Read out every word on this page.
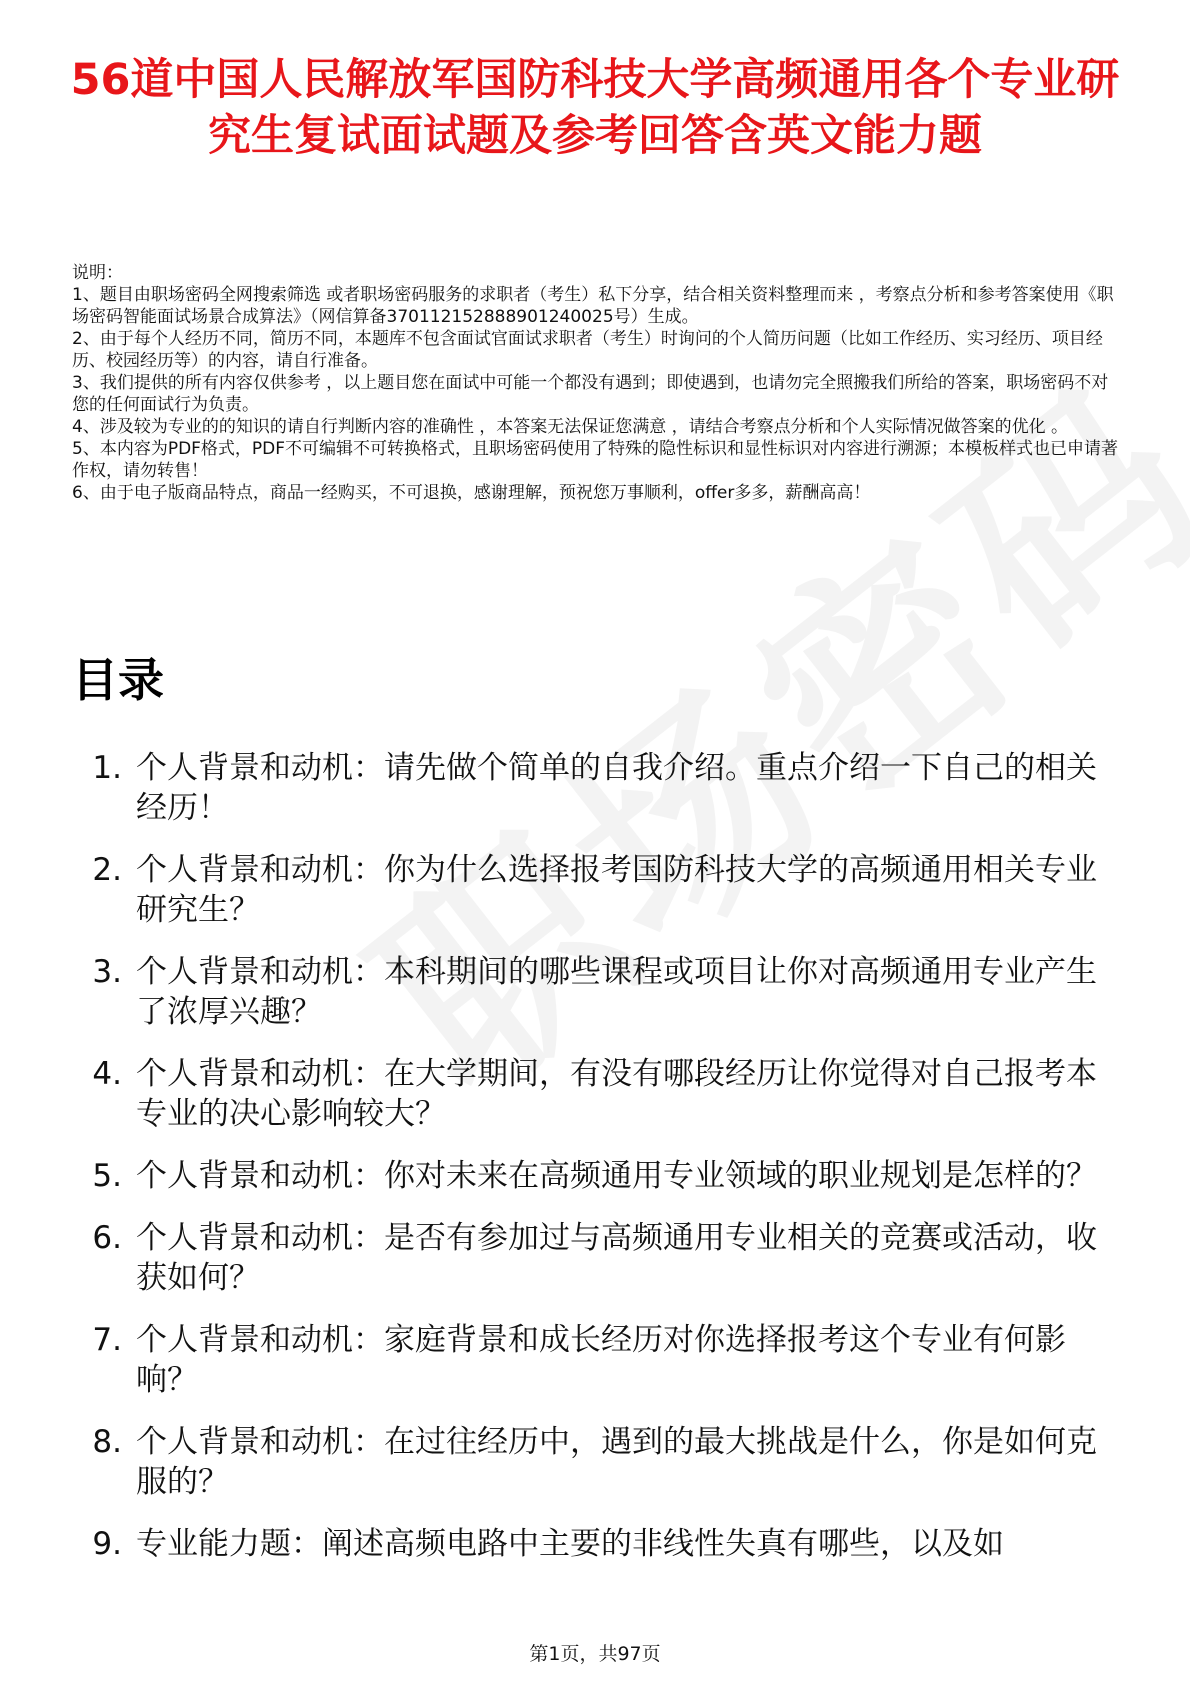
56道中国人民解放军国防科技大学高频通用各个专业研究生复试面试题及参考回答含英文能力题

说明：

1、题目由职场密码全网搜索筛选 或者职场密码服务的求职者（考生）私下分享，结合相关资料整理而来 ，考察点分析和参考答案使用《职场密码智能面试场景合成算法》（网信算备370112152888901240025号）生成。

2、由于每个人经历不同，简历不同，本题库不包含面试官面试求职者（考生）时询问的个人简历问题（比如工作经历、实习经历、项目经历、校园经历等）的内容，请自行准备。

3、我们提供的所有内容仅供参考 ，以上题目您在面试中可能一个都没有遇到；即使遇到，也请勿完全照搬我们所给的答案，职场密码不对您的任何面试行为负责。

4、涉及较为专业的的知识的请自行判断内容的准确性 ，本答案无法保证您满意 ，请结合考察点分析和个人实际情况做答案的优化 。

5、本内容为PDF格式，PDF不可编辑不可转换格式，且职场密码使用了特殊的隐性标识和显性标识对内容进行溯源；本模板样式也已申请著作权，请勿转售！

6、由于电子版商品特点，商品一经购买，不可退换，感谢理解，预祝您万事顺利，offer多多，薪酬高高！

目录
1. 个人背景和动机：请先做个简单的自我介绍。重点介绍一下自己的相关经历！
2. 个人背景和动机：你为什么选择报考国防科技大学的高频通用相关专业研究生？
3. 个人背景和动机：本科期间的哪些课程或项目让你对高频通用专业产生了浓厚兴趣？
4. 个人背景和动机：在大学期间，有没有哪段经历让你觉得对自己报考本专业的决心影响较大？
5. 个人背景和动机：你对未来在高频通用专业领域的职业规划是怎样的？
6. 个人背景和动机：是否有参加过与高频通用专业相关的竞赛或活动，收获如何？
7. 个人背景和动机：家庭背景和成长经历对你选择报考这个专业有何影响？
8. 个人背景和动机：在过往经历中，遇到的最大挑战是什么，你是如何克服的？
9. 专业能力题：阐述高频电路中主要的非线性失真有哪些，以及如
第1页，共97页
